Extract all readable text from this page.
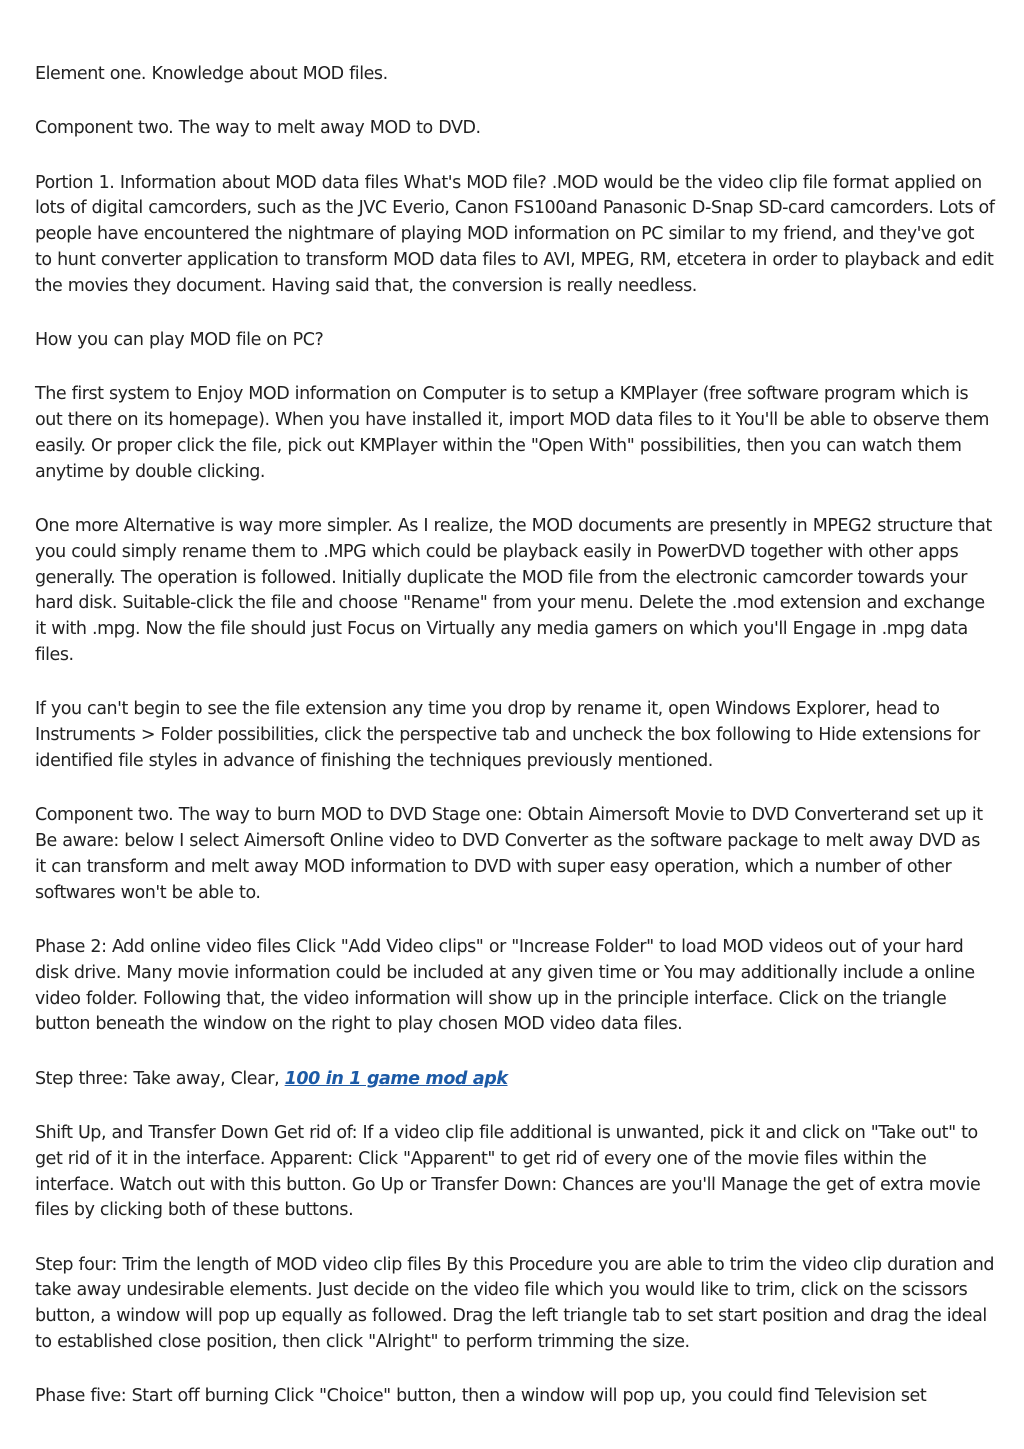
Element one. Knowledge about MOD files.

Component two. The way to melt away MOD to DVD.

Portion 1. Information about MOD data files What's MOD file? .MOD would be the video clip file format applied on lots of digital camcorders, such as the JVC Everio, Canon FS100and Panasonic D-Snap SD-card camcorders. Lots of people have encountered the nightmare of playing MOD information on PC similar to my friend, and they've got to hunt converter application to transform MOD data files to AVI, MPEG, RM, etcetera in order to playback and edit the movies they document. Having said that, the conversion is really needless.

How you can play MOD file on PC?

The first system to Enjoy MOD information on Computer is to setup a KMPlayer (free software program which is out there on its homepage). When you have installed it, import MOD data files to it You'll be able to observe them easily. Or proper click the file, pick out KMPlayer within the "Open With" possibilities, then you can watch them anytime by double clicking.

One more Alternative is way more simpler. As I realize, the MOD documents are presently in MPEG2 structure that you could simply rename them to .MPG which could be playback easily in PowerDVD together with other apps generally. The operation is followed. Initially duplicate the MOD file from the electronic camcorder towards your hard disk. Suitable-click the file and choose "Rename" from your menu. Delete the .mod extension and exchange it with .mpg. Now the file should just Focus on Virtually any media gamers on which you'll Engage in .mpg data files.

If you can't begin to see the file extension any time you drop by rename it, open Windows Explorer, head to Instruments > Folder possibilities, click the perspective tab and uncheck the box following to Hide extensions for identified file styles in advance of finishing the techniques previously mentioned.

Component two. The way to burn MOD to DVD Stage one: Obtain Aimersoft Movie to DVD Converterand set up it Be aware: below I select Aimersoft Online video to DVD Converter as the software package to melt away DVD as it can transform and melt away MOD information to DVD with super easy operation, which a number of other softwares won't be able to.

Phase 2: Add online video files Click "Add Video clips" or "Increase Folder" to load MOD videos out of your hard disk drive. Many movie information could be included at any given time or You may additionally include a online video folder. Following that, the video information will show up in the principle interface. Click on the triangle button beneath the window on the right to play chosen MOD video data files.

Step three: Take away, Clear, 100 in 1 game mod apk

Shift Up, and Transfer Down Get rid of: If a video clip file additional is unwanted, pick it and click on "Take out" to get rid of it in the interface. Apparent: Click "Apparent" to get rid of every one of the movie files within the interface. Watch out with this button. Go Up or Transfer Down: Chances are you'll Manage the get of extra movie files by clicking both of these buttons.

Step four: Trim the length of MOD video clip files By this Procedure you are able to trim the video clip duration and take away undesirable elements. Just decide on the video file which you would like to trim, click on the scissors button, a window will pop up equally as followed. Drag the left triangle tab to set start position and drag the ideal to established close position, then click "Alright" to perform trimming the size.

Phase five: Start off burning Click "Choice" button, then a window will pop up, you could find Television set
